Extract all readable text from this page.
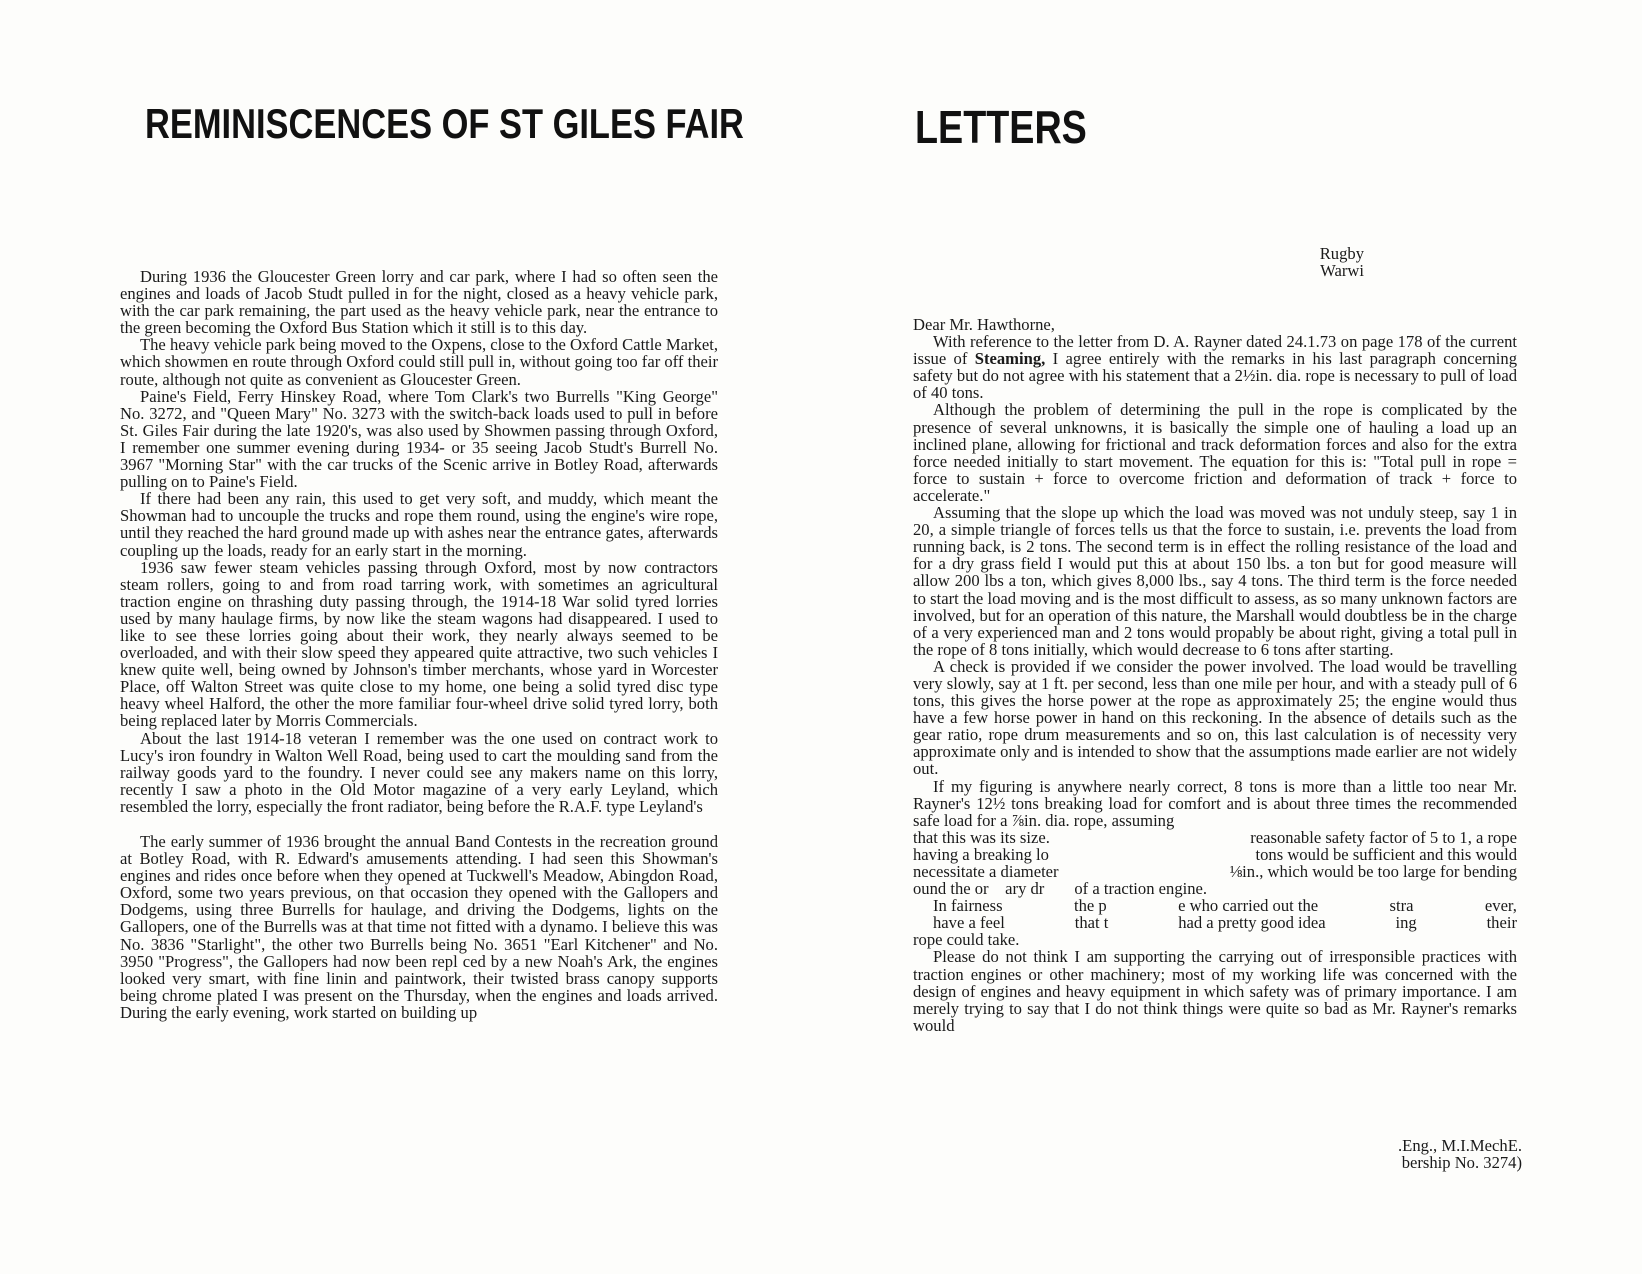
REMINISCENCES OF ST GILES FAIR	LETTERS

During 1936 the Gloucester Green lorry and car park, where I had so often seen the engines and loads of Jacob Studt pulled in for the night, closed as a heavy vehicle park, with the car park remaining, the part used as the heavy vehicle park, near the entrance to the green becoming the Oxford Bus Station which it still is to this day.

The heavy vehicle park being moved to the Oxpens, close to the Oxford Cattle Market, which showmen en route through Oxford could still pull in, without going too far off their route, although not quite as convenient as Gloucester Green.

Paine's Field, Ferry Hinskey Road, where Tom Clark's two Burrells "King George" No. 3272, and "Queen Mary" No. 3273 with the switch-back loads used to pull in before St. Giles Fair during the late 1920's, was also used by Showmen passing through Oxford, I remember one summer evening during 1934- or 35 seeing Jacob Studt's Burrell No. 3967 "Morning Star" with the car trucks of the Scenic arrive in Botley Road, afterwards pulling on to Paine's Field.

If there had been any rain, this used to get very soft, and muddy, which meant the Showman had to uncouple the trucks and rope them round, using the engine's wire rope, until they reached the hard ground made up with ashes near the entrance gates, afterwards coupling up the loads, ready for an early start in the morning.

1936 saw fewer steam vehicles passing through Oxford, most by now contractors steam rollers, going to and from road tarring work, with sometimes an agricultural traction engine on thrashing duty passing through, the 1914-18 War solid tyred lorries used by many haulage firms, by now like the steam wagons had disappeared. I used to like to see these lorries going about their work, they nearly always seemed to be overloaded, and with their slow speed they appeared quite attractive, two such vehicles I knew quite well, being owned by Johnson's timber merchants, whose yard in Worcester Place, off Walton Street was quite close to my home, one being a solid tyred disc type heavy wheel Halford, the other the more familiar four-wheel drive solid tyred lorry, both being replaced later by Morris Commercials.

About the last 1914-18 veteran I remember was the one used on contract work to Lucy's iron foundry in Walton Well Road, being used to cart the moulding sand from the railway goods yard to the foundry. I never could see any makers name on this lorry, recently I saw a photo in the Old Motor magazine of a very early Leyland, which resembled the lorry, especially the front radiator, being before the R.A.F. type Leyland's

The early summer of 1936 brought the annual Band Contests in the recreation ground at Botley Road, with R. Edward's amusements attending. I had seen this Showman's engines and rides once before when they opened at Tuckwell's Meadow, Abingdon Road, Oxford, some two years previous, on that occasion they opened with the Gallopers and Dodgems, using three Burrells for haulage, and driving the Dodgems, lights on the Gallopers, one of the Burrells was at that time not fitted with a dynamo. I believe this was No. 3836 "Starlight", the other two Burrells being No. 3651 "Earl Kitchener" and No. 3950 "Progress", the Gallopers had now been repl ced by a new Noah's Ark, the engines looked very smart, with fine linin and paintwork, their twisted brass canopy supports being chrome plated I was present on the Thursday, when the engines and loads arrived. During the early evening, work started on building up

Rugby
Warwi

Dear Mr. Hawthorne,

With reference to the letter from D. A. Rayner dated 24.1.73 on page 178 of the current issue of Steaming, I agree entirely with the remarks in his last paragraph concerning safety but do not agree with his statement that a 2½in. dia. rope is necessary to pull of load of 40 tons.

Although the problem of determining the pull in the rope is complicated by the presence of several unknowns, it is basically the simple one of hauling a load up an inclined plane, allowing for frictional and track deformation forces and also for the extra force needed initially to start movement. The equation for this is: "Total pull in rope = force to sustain + force to overcome friction and deformation of track + force to accelerate."

Assuming that the slope up which the load was moved was not unduly steep, say 1 in 20, a simple triangle of forces tells us that the force to sustain, i.e. prevents the load from running back, is 2 tons. The second term is in effect the rolling resistance of the load and for a dry grass field I would put this at about 150 lbs. a ton but for good measure will allow 200 lbs a ton, which gives 8,000 lbs., say 4 tons. The third term is the force needed to start the load moving and is the most difficult to assess, as so many unknown factors are involved, but for an operation of this nature, the Marshall would doubtless be in the charge of a very experienced man and 2 tons would propably be about right, giving a total pull in the rope of 8 tons initially, which would decrease to 6 tons after starting.

A check is provided if we consider the power involved. The load would be travelling very slowly, say at 1 ft. per second, less than one mile per hour, and with a steady pull of 6 tons, this gives the horse power at the rope as approximately 25; the engine would thus have a few horse power in hand on this reckoning. In the absence of details such as the gear ratio, rope drum measurements and so on, this last calculation is of necessity very approximate only and is intended to show that the assumptions made earlier are not widely out.

If my figuring is anywhere nearly correct, 8 tons is more than a little too near Mr. Rayner's 12½ tons breaking load for comfort and is about three times the recommended safe load for a ⅞in. dia. rope, assuming

that this was its size.	reasonable safety factor of 5 to 1, a rope
having a breaking lo	tons would be sufficient and this would
necessitate a diameter	⅛in., which would be too large for bending
ound the or    ary dr of a traction engine.
In fairness	the p	e who carried out the	stra	ever,
have a feel	that t	had a pretty good idea	ing	their

rope could take.

Please do not think I am supporting the carrying out of irresponsible practices with traction engines or other machinery; most of my working life was concerned with the design of engines and heavy equipment in which safety was of primary importance. I am merely trying to say that I do not think things were quite so bad as Mr. Rayner's remarks would

.Eng., M.I.MechE.
bership No. 3274)
